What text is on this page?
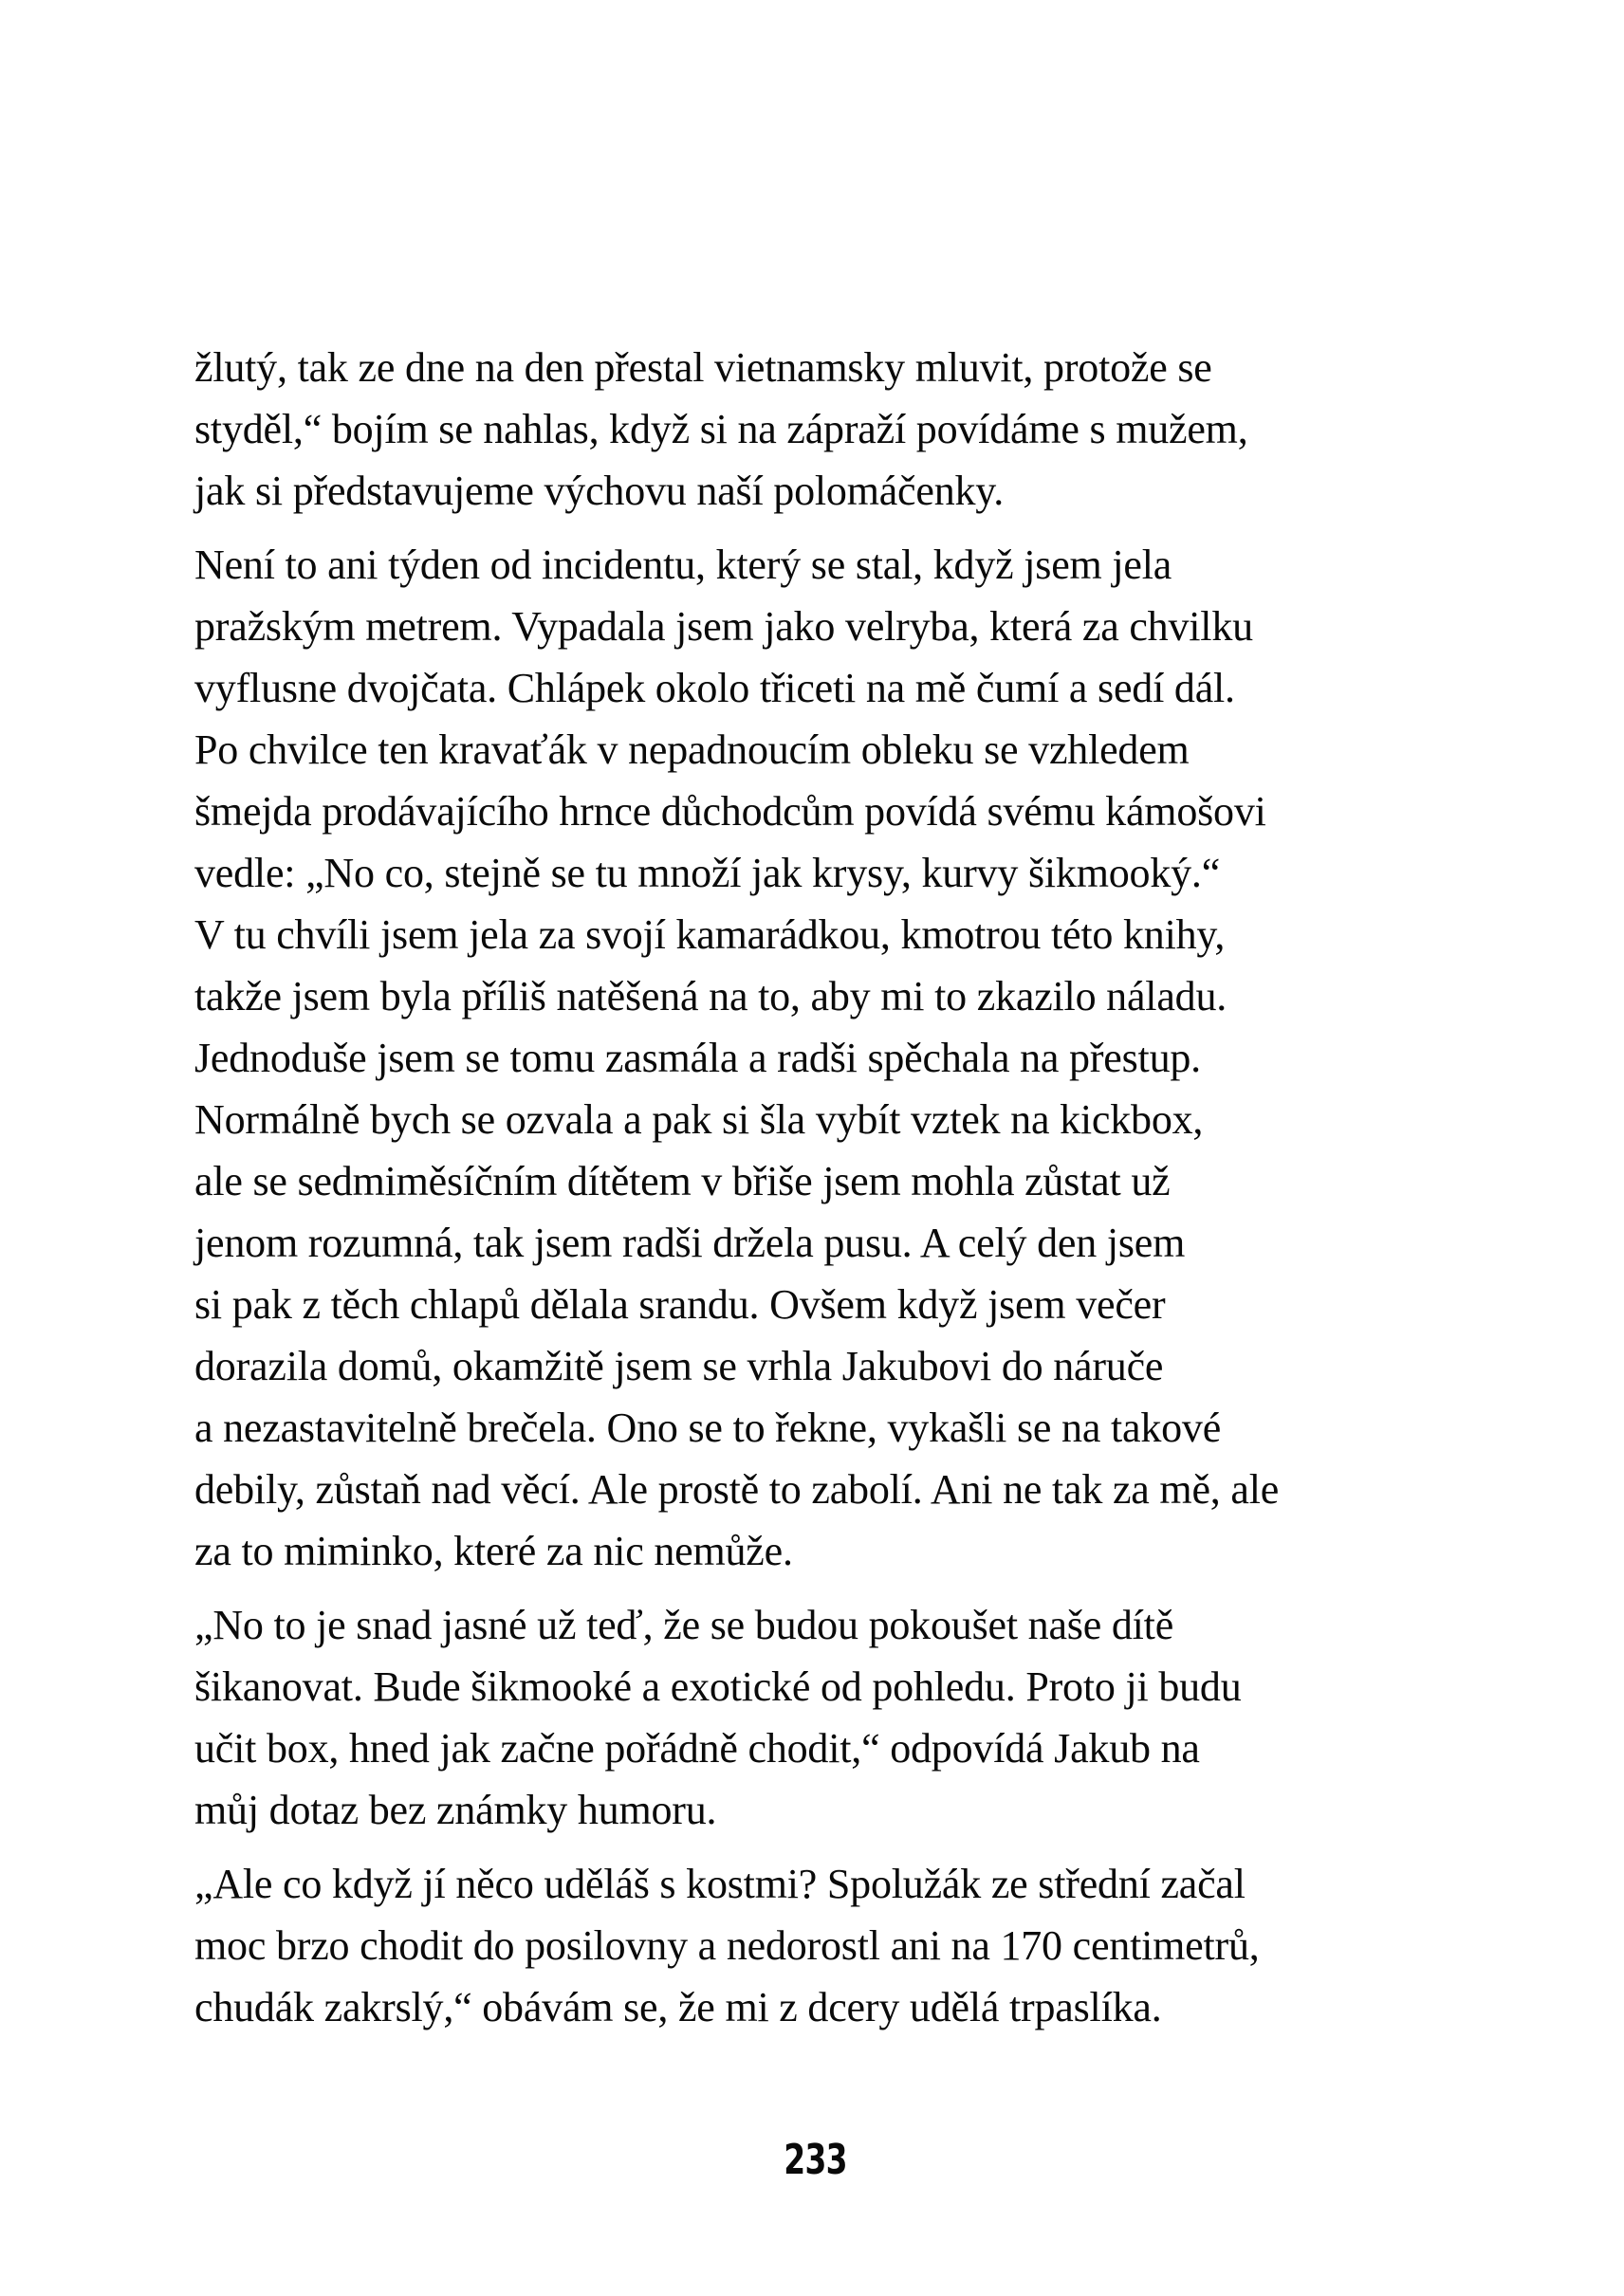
žlutý, tak ze dne na den přestal vietnamsky mluvit, protože se
styděl,“ bojím se nahlas, když si na zápraží povídáme s mužem,
jak si představujeme výchovu naší polomáčenky.

Není to ani týden od incidentu, který se stal, když jsem jela
pražským metrem. Vypadala jsem jako velryba, která za chvilku
vyflusne dvojčata. Chlápek okolo třiceti na mě čumí a sedí dál.
Po chvilce ten kravaťák v nepadnoucím obleku se vzhledem
šmejda prodávajícího hrnce důchodcům povídá svému kámošovi
vedle: „No co, stejně se tu množí jak krysy, kurvy šikmooký.“
V tu chvíli jsem jela za svojí kamarádkou, kmotrou této knihy,
takže jsem byla příliš natěšená na to, aby mi to zkazilo náladu.
Jednoduše jsem se tomu zasmála a radši spěchala na přestup.
Normálně bych se ozvala a pak si šla vybít vztek na kickbox,
ale se sedmiměsíčním dítětem v břiše jsem mohla zůstat už
jenom rozumná, tak jsem radši držela pusu. A celý den jsem
si pak z těch chlapů dělala srandu. Ovšem když jsem večer
dorazila domů, okamžitě jsem se vrhla Jakubovi do náruče
a nezastavitelně brečela. Ono se to řekne, vykašli se na takové
debily, zůstaň nad věcí. Ale prostě to zabolí. Ani ne tak za mě, ale
za to miminko, které za nic nemůže.

„No to je snad jasné už teď, že se budou pokoušet naše dítě
šikanovat. Bude šikmooké a exotické od pohledu. Proto ji budu
učit box, hned jak začne pořádně chodit,“ odpovídá Jakub na
můj dotaz bez známky humoru.

„Ale co když jí něco uděláš s kostmi? Spolužák ze střední začal
moc brzo chodit do posilovny a nedorostl ani na 170 centimetrů,
chudák zakrslý,“ obávám se, že mi z dcery udělá trpaslíka.

233
